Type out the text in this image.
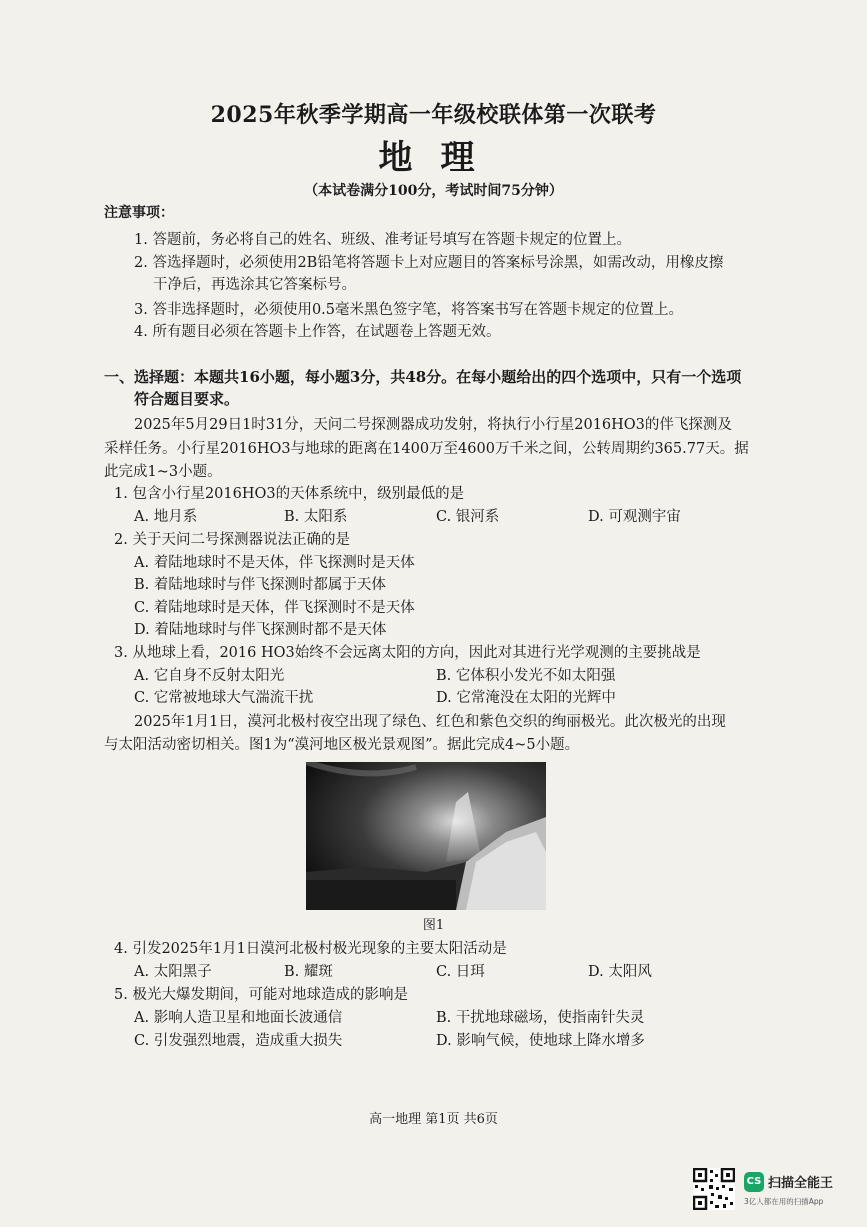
2025年秋季学期高一年级校联体第一次联考
地理
（本试卷满分100分，考试时间75分钟）
注意事项：
1. 答题前，务必将自己的姓名、班级、准考证号填写在答题卡规定的位置上。
2. 答选择题时，必须使用2B铅笔将答题卡上对应题目的答案标号涂黑，如需改动，用橡皮擦
干净后，再选涂其它答案标号。
3. 答非选择题时，必须使用0.5毫米黑色签字笔，将答案书写在答题卡规定的位置上。
4. 所有题目必须在答题卡上作答，在试题卷上答题无效。
一、选择题：本题共16小题，每小题3分，共48分。在每小题给出的四个选项中，只有一个选项
符合题目要求。
2025年5月29日1时31分，天问二号探测器成功发射，将执行小行星2016HO3的伴飞探测及
采样任务。小行星2016HO3与地球的距离在1400万至4600万千米之间，公转周期约365.77天。据
此完成1~3小题。
1. 包含小行星2016HO3的天体系统中，级别最低的是
A. 地月系	B. 太阳系	C. 银河系	D. 可观测宇宙
2. 关于天问二号探测器说法正确的是
A. 着陆地球时不是天体，伴飞探测时是天体
B. 着陆地球时与伴飞探测时都属于天体
C. 着陆地球时是天体，伴飞探测时不是天体
D. 着陆地球时与伴飞探测时都不是天体
3. 从地球上看，2016 HO3始终不会远离太阳的方向，因此对其进行光学观测的主要挑战是
A. 它自身不反射太阳光	B. 它体积小发光不如太阳强
C. 它常被地球大气湍流干扰	D. 它常淹没在太阳的光辉中
2025年1月1日，漠河北极村夜空出现了绿色、红色和紫色交织的绚丽极光。此次极光的出现
与太阳活动密切相关。图1为“漠河地区极光景观图”。据此完成4~5小题。
图1
4. 引发2025年1月1日漠河北极村极光现象的主要太阳活动是
A. 太阳黑子	B. 耀斑	C. 日珥	D. 太阳风
5. 极光大爆发期间，可能对地球造成的影响是
A. 影响人造卫星和地面长波通信	B. 干扰地球磁场，使指南针失灵
C. 引发强烈地震，造成重大损失	D. 影响气候，使地球上降水增多
高一地理 第1页 共6页
CS 扫描全能王
3亿人都在用的扫描App
